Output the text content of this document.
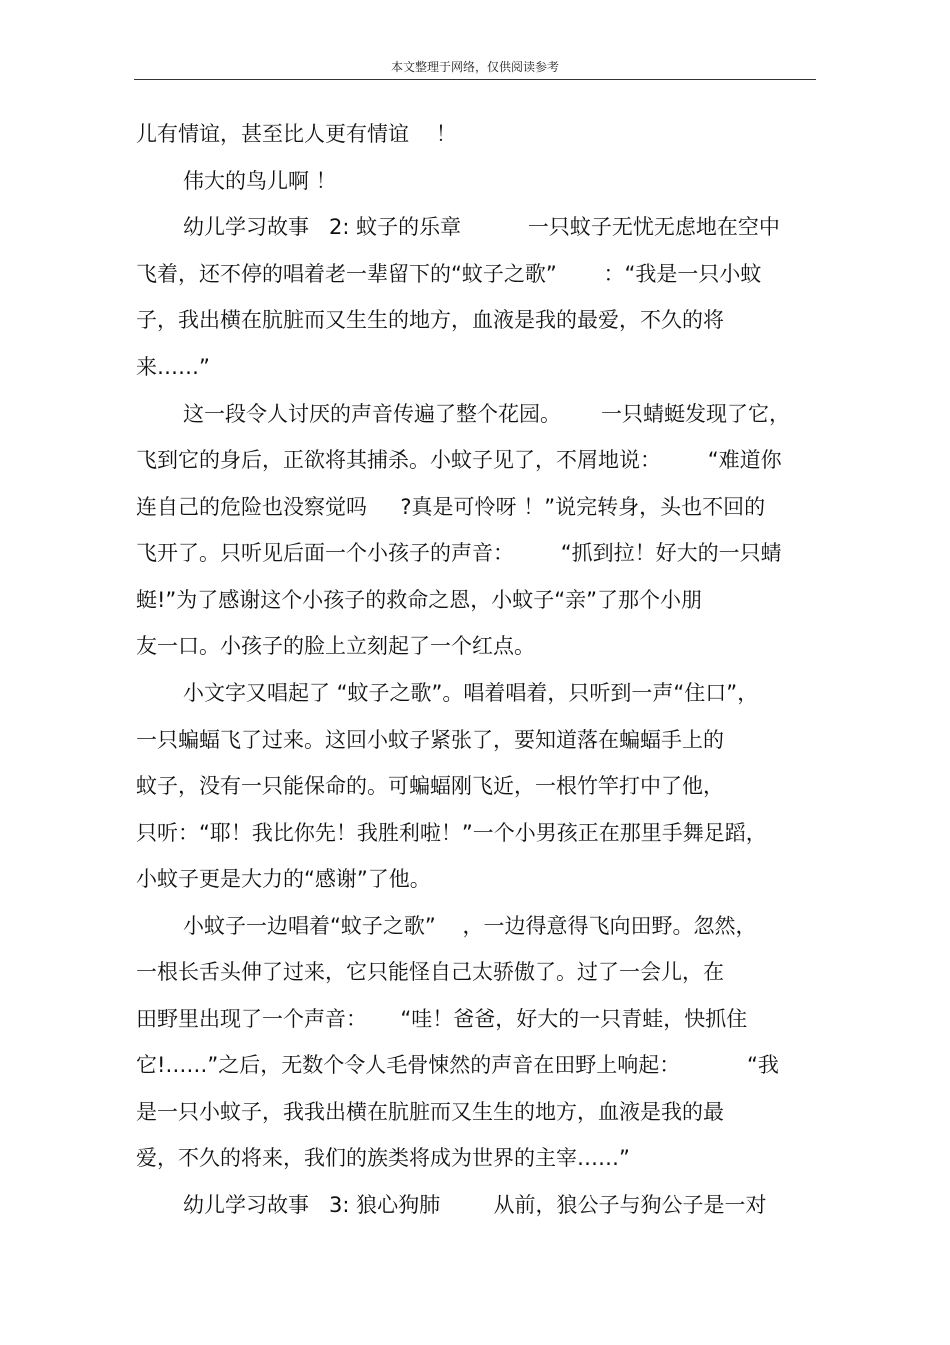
本文整理于网络，仅供阅读参考
儿有情谊，甚至比人更有情谊    ！
伟大的鸟儿啊 ！
幼儿学习故事   2: 蚊子的乐章          一只蚊子无忧无虑地在空中
飞着，还不停的唱着老一辈留下的“蚊子之歌”       ：“我是一只小蚊
子，我出横在肮脏而又生生的地方，血液是我的最爱，不久的将
来……”
这一段令人讨厌的声音传遍了整个花园。      一只蜻蜓发现了它，
飞到它的身后，正欲将其捕杀。小蚊子见了，不屑地说：       “难道你
连自己的危险也没察觉吗     ?真是可怜呀 ！”说完转身，头也不回的
飞开了。只听见后面一个小孩子的声音：       “抓到拉！好大的一只蜻
蜓!”为了感谢这个小孩子的救命之恩，小蚊子“亲”了那个小朋
友一口。小孩子的脸上立刻起了一个红点。
小文字又唱起了 “蚊子之歌”。唱着唱着，只听到一声“住口”，
一只蝙蝠飞了过来。这回小蚊子紧张了，要知道落在蝙蝠手上的
蚊子，没有一只能保命的。可蝙蝠刚飞近，一根竹竿打中了他，
只听：“耶！我比你先！我胜利啦！”一个小男孩正在那里手舞足蹈，
小蚊子更是大力的“感谢”了他。
小蚊子一边唱着“蚊子之歌”    ，一边得意得飞向田野。忽然，
一根长舌头伸了过来，它只能怪自己太骄傲了。过了一会儿，在
田野里出现了一个声音：     “哇！爸爸，好大的一只青蛙，快抓住
它!……”之后，无数个令人毛骨悚然的声音在田野上响起：          “我
是一只小蚊子，我我出横在肮脏而又生生的地方，血液是我的最
爱，不久的将来，我们的族类将成为世界的主宰……”
幼儿学习故事   3: 狼心狗肺        从前，狼公子与狗公子是一对
